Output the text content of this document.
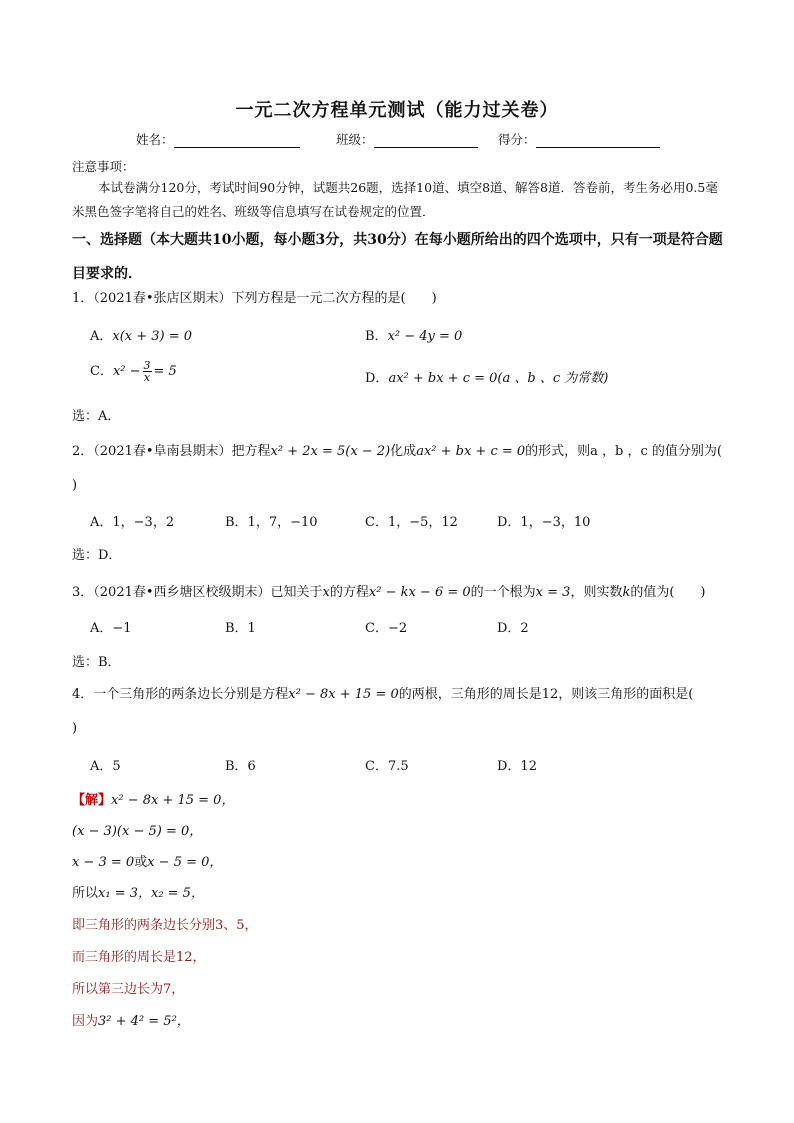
一元二次方程单元测试（能力过关卷）
姓名：	班级：	得分：
注意事项：
本试卷满分120分，考试时间90分钟，试题共26题，选择10道、填空8道、解答8道．答卷前，考生务必用0.5毫米黑色签字笔将自己的姓名、班级等信息填写在试卷规定的位置．
一、选择题（本大题共10小题，每小题3分，共30分）在每小题所给出的四个选项中，只有一项是符合题目要求的．
1．（2021春•张店区期末）下列方程是一元二次方程的是(　　)
A．x(x + 3) = 0	B．x² − 4y = 0
C．$x^2 - \frac{3}{x} = 5$	D．ax² + bx + c = 0(a 、b 、c 为常数)
选：A．
2．（2021春•阜南县期末）把方程x² + 2x = 5(x − 2)化成ax² + bx + c = 0的形式，则a ，b ，c 的值分别为(
)
A．1，−3，2	B．1，7，−10	C．1，−5，12	D．1，−3，10
选：D．
3．（2021春•西乡塘区校级期末）已知关于x的方程x² − kx − 6 = 0的一个根为x = 3，则实数k的值为(　　)
A．−1	B．1	C．−2	D．2
选：B．
4．一个三角形的两条边长分别是方程x² − 8x + 15 = 0的两根，三角形的周长是12，则该三角形的面积是(
)
A．5	B．6	C．7.5	D．12
【解】x² − 8x + 15 = 0，
(x − 3)(x − 5) = 0，
x − 3 = 0或x − 5 = 0，
所以x₁ = 3，x₂ = 5，
即三角形的两条边长分别3、5，
而三角形的周长是12，
所以第三边长为7，
因为3² + 4² = 5²，
